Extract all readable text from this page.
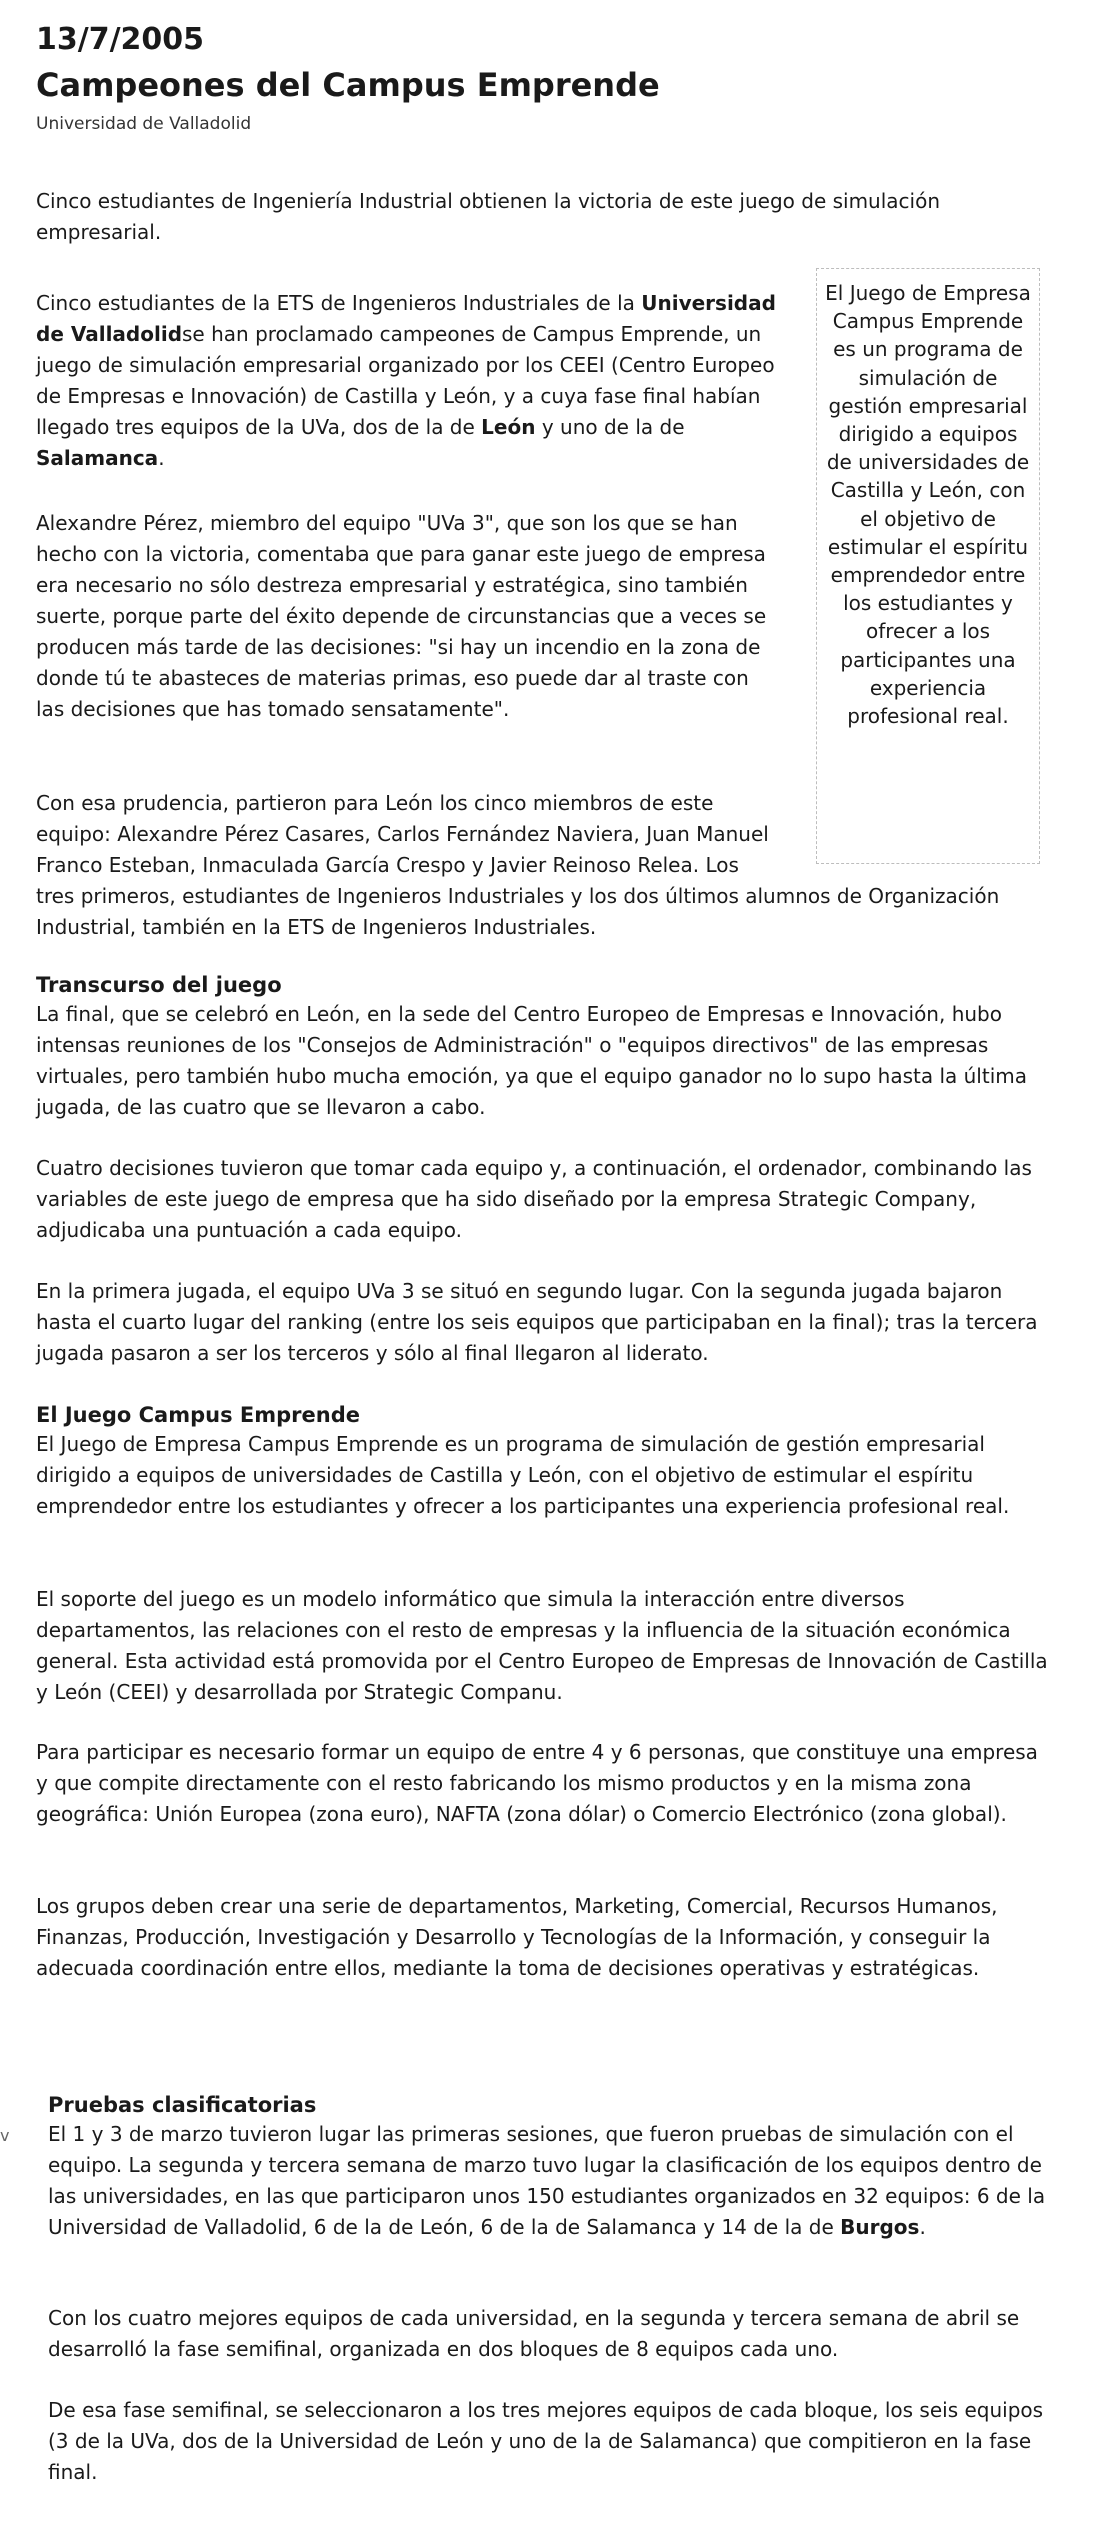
13/7/2005
Campeones del Campus Emprende
Universidad de Valladolid

Cinco estudiantes de Ingeniería Industrial obtienen la victoria de este juego de simulación empresarial.

El Juego de Empresa Campus Emprende es un programa de simulación de gestión empresarial dirigido a equipos de universidades de Castilla y León, con el objetivo de estimular el espíritu emprendedor entre los estudiantes y ofrecer a los participantes una experiencia profesional real.

Cinco estudiantes de la ETS de Ingenieros Industriales de la Universidad de Valladolidse han proclamado campeones de Campus Emprende, un juego de simulación empresarial organizado por los CEEI (Centro Europeo de Empresas e Innovación) de Castilla y León, y a cuya fase final habían llegado tres equipos de la UVa, dos de la de León y uno de la de Salamanca.

Alexandre Pérez, miembro del equipo "UVa 3", que son los que se han hecho con la victoria, comentaba que para ganar este juego de empresa era necesario no sólo destreza empresarial y estratégica, sino también suerte, porque parte del éxito depende de circunstancias que a veces se producen más tarde de las decisiones: "si hay un incendio en la zona de donde tú te abasteces de materias primas, eso puede dar al traste con las decisiones que has tomado sensatamente".

Con esa prudencia, partieron para León los cinco miembros de este equipo: Alexandre Pérez Casares, Carlos Fernández Naviera, Juan Manuel Franco Esteban, Inmaculada García Crespo y Javier Reinoso Relea. Los tres primeros, estudiantes de Ingenieros Industriales y los dos últimos alumnos de Organización Industrial, también en la ETS de Ingenieros Industriales.

Transcurso del juego

La final, que se celebró en León, en la sede del Centro Europeo de Empresas e Innovación, hubo intensas reuniones de los "Consejos de Administración" o "equipos directivos" de las empresas virtuales, pero también hubo mucha emoción, ya que el equipo ganador no lo supo hasta la última jugada, de las cuatro que se llevaron a cabo.

Cuatro decisiones tuvieron que tomar cada equipo y, a continuación, el ordenador, combinando las variables de este juego de empresa que ha sido diseñado por la empresa Strategic Company, adjudicaba una puntuación a cada equipo.

En la primera jugada, el equipo UVa 3 se situó en segundo lugar. Con la segunda jugada bajaron hasta el cuarto lugar del ranking (entre los seis equipos que participaban en la final); tras la tercera jugada pasaron a ser los terceros y sólo al final llegaron al liderato.

El Juego Campus Emprende

El Juego de Empresa Campus Emprende es un programa de simulación de gestión empresarial dirigido a equipos de universidades de Castilla y León, con el objetivo de estimular el espíritu emprendedor entre los estudiantes y ofrecer a los participantes una experiencia profesional real.

El soporte del juego es un modelo informático que simula la interacción entre diversos departamentos, las relaciones con el resto de empresas y la influencia de la situación económica general. Esta actividad está promovida por el Centro Europeo de Empresas de Innovación de Castilla y León (CEEI) y desarrollada por Strategic Companu.

Para participar es necesario formar un equipo de entre 4 y 6 personas, que constituye una empresa y que compite directamente con el resto fabricando los mismo productos y en la misma zona geográfica: Unión Europea (zona euro), NAFTA (zona dólar) o Comercio Electrónico (zona global).

Los grupos deben crear una serie de departamentos, Marketing, Comercial, Recursos Humanos, Finanzas, Producción, Investigación y Desarrollo y Tecnologías de la Información, y conseguir la adecuada coordinación entre ellos, mediante la toma de decisiones operativas y estratégicas.

v
Pruebas clasificatorias

El 1 y 3 de marzo tuvieron lugar las primeras sesiones, que fueron pruebas de simulación con el equipo. La segunda y tercera semana de marzo tuvo lugar la clasificación de los equipos dentro de las universidades, en las que participaron unos 150 estudiantes organizados en 32 equipos: 6 de la Universidad de Valladolid, 6 de la de León, 6 de la de Salamanca y 14 de la de Burgos.

Con los cuatro mejores equipos de cada universidad, en la segunda y tercera semana de abril se desarrolló la fase semifinal, organizada en dos bloques de 8 equipos cada uno.

De esa fase semifinal, se seleccionaron a los tres mejores equipos de cada bloque, los seis equipos (3 de la UVa, dos de la Universidad de León y uno de la de Salamanca) que compitieron en la fase final.
